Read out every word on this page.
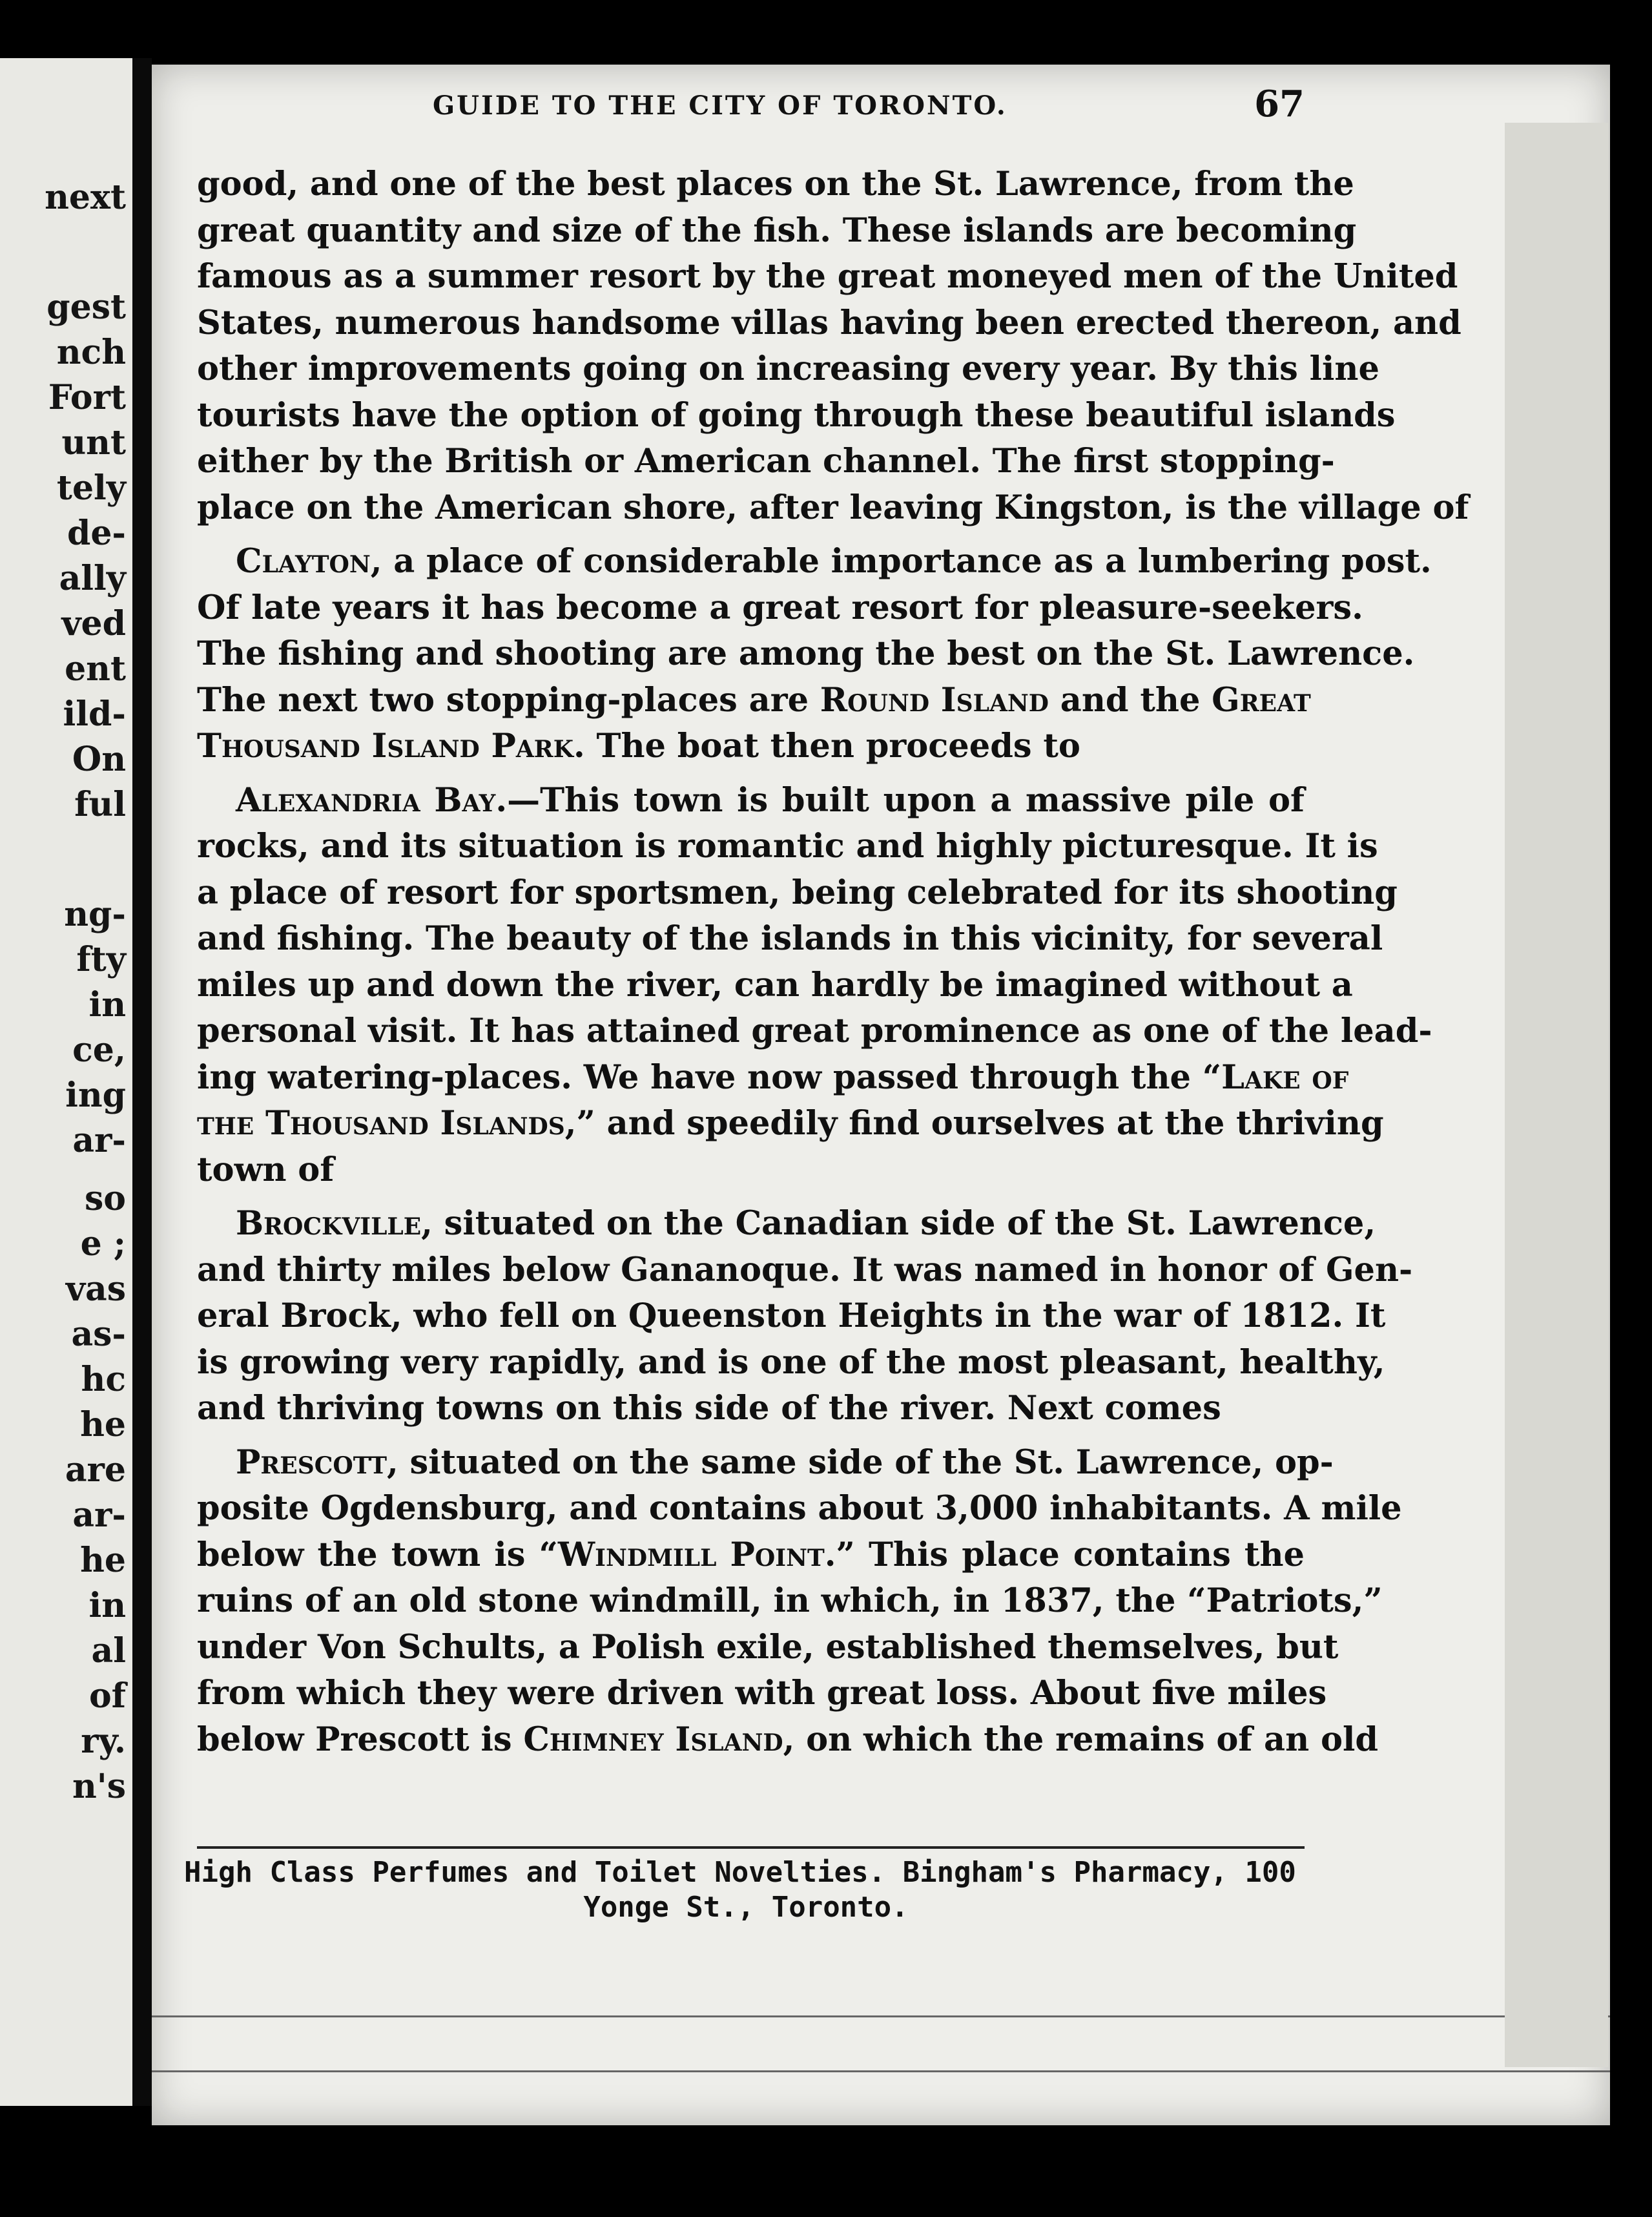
next
gest
nch
Fort
unt
tely
de-
ally
ved
ent
ild-
On
ful
ng-
fty
in
ce,
ing
ar-
so
e ;
vas
as-
hc
he
are
ar-
he
in
al
of
ry.
n's
GUIDE TO THE CITY OF TORONTO.	67
good, and one of the best places on the St. Lawrence, from the
great quantity and size of the fish. These islands are becoming
famous as a summer resort by the great moneyed men of the United
States, numerous handsome villas having been erected thereon, and
other improvements going on increasing every year. By this line
tourists have the option of going through these beautiful islands
either by the British or American channel. The first stopping-
place on the American shore, after leaving Kingston, is the village of
Clayton, a place of considerable importance as a lumbering post.
Of late years it has become a great resort for pleasure-seekers.
The fishing and shooting are among the best on the St. Lawrence.
The next two stopping-places are Round Island and the Great
Thousand Island Park. The boat then proceeds to
Alexandria Bay.—This town is built upon a massive pile of
rocks, and its situation is romantic and highly picturesque. It is
a place of resort for sportsmen, being celebrated for its shooting
and fishing. The beauty of the islands in this vicinity, for several
miles up and down the river, can hardly be imagined without a
personal visit. It has attained great prominence as one of the lead-
ing watering-places. We have now passed through the “Lake of
the Thousand Islands,” and speedily find ourselves at the thriving
town of
Brockville, situated on the Canadian side of the St. Lawrence,
and thirty miles below Gananoque. It was named in honor of Gen-
eral Brock, who fell on Queenston Heights in the war of 1812. It
is growing very rapidly, and is one of the most pleasant, healthy,
and thriving towns on this side of the river. Next comes
Prescott, situated on the same side of the St. Lawrence, op-
posite Ogdensburg, and contains about 3,000 inhabitants. A mile
below the town is “Windmill Point.” This place contains the
ruins of an old stone windmill, in which, in 1837, the “Patriots,”
under Von Schults, a Polish exile, established themselves, but
from which they were driven with great loss. About five miles
below Prescott is Chimney Island, on which the remains of an old
High Class Perfumes and Toilet Novelties. Bingham's Pharmacy, 100
Yonge St., Toronto.
